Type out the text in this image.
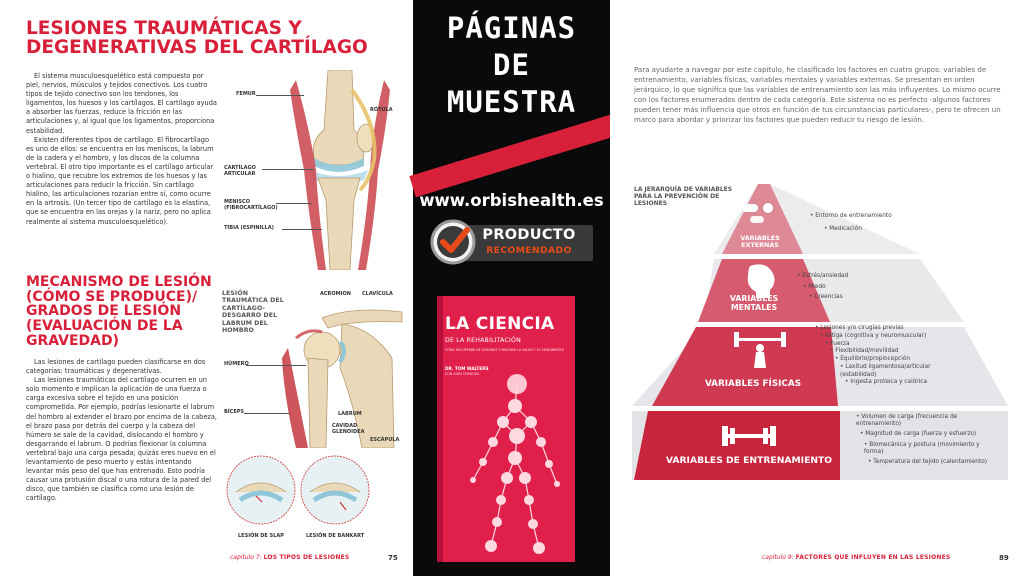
LESIONES TRAUMÁTICAS Y DEGENERATIVAS DEL CARTÍLAGO

El sistema musculoesquelético está compuesto por piel, nervios, músculos y tejidos conectivos. Los cuatro tipos de tejido conectivo son los tendones, los ligamentos, los huesos y los cartílagos. El cartílago ayuda a absorber las fuerzas, reduce la fricción en las articulaciones y, al igual que los ligamentos, proporciona estabilidad.

Existen diferentes tipos de cartílago. El fibrocartílago es uno de ellos: se encuentra en los meniscos, la labrum de la cadera y el hombro, y los discos de la columna vertebral. El otro tipo importante es el cartílago articular o hialino, que recubre los extremos de los huesos y las articulaciones para reducir la fricción. Sin cartílago hialino, las articulaciones rozarían entre sí, como ocurre en la artrosis. (Un tercer tipo de cartílago es la elastina, que se encuentra en las orejas y la nariz, pero no aplica realmente al sistema musculoesquelético).

FEMUR
RÓTULA
CARTÍLAGO ARTICULAR
MENISCO (FIBROCARTÍLAGO)
TIBIA (ESPINILLA)
MECANISMO DE LESIÓN (CÓMO SE PRODUCE)/ GRADOS DE LESIÓN (EVALUACIÓN DE LA GRAVEDAD)

Las lesiones de cartílago pueden clasificarse en dos categorías: traumáticas y degenerativas.

Las lesiones traumáticas del cartílago ocurren en un solo momento e implican la aplicación de una fuerza o carga excesiva sobre el tejido en una posición comprometida. Por ejemplo, podrías lesionarte el labrum del hombro al extender el brazo por encima de la cabeza, el brazo pasa por detrás del cuerpo y la cabeza del húmero se sale de la cavidad, dislocando el hombro y desgarrando el labrum. O podrías flexionar la columna vertebral bajo una carga pesada; quizás eres nuevo en el levantamiento de peso muerto y estás intentando levantar más peso del que has entrenado. Esto podría causar una protusión discal o una rotura de la pared del disco, que también se clasifica como una lesión de cartílago.

LESIÓN TRAUMÁTICA DEL CARTÍLAGO- DESGARRO DEL LABRUM DEL HOMBRO
ACROMION CLAVÍCULA
HÚMERO
BÍCEPS	LABRUM
CAVIDAD GLENOIDEA
ESCÁPULA
LESIÓN DE SLAP	LESIÓN DE BANKART
capítulo 7: LOS TIPOS DE LESIONES	75
PÁGINAS
DE
MUESTRA
www.orbishealth.es
PRODUCTO
RECOMENDADO
LA CIENCIA
DE LA REHABILITACIÓN
CÓMO RECUPERAR DE LESIONES Y MEJORAR LA SALUD Y EL RENDIMIENTO
DR. TOM WALTERS
CON GLEN CORDOZA

Para ayudarte a navegar por este capítulo, he clasificado los factores en cuatro grupos: variables de entrenamiento, variables físicas, variables mentales y variables externas. Se presentan en orden jerárquico, lo que significa que las variables de entrenamiento son las más influyentes. Lo mismo ocurre con los factores enumerados dentro de cada categoría. Este sistema no es perfecto -algunos factores pueden tener más influencia que otros en función de tus circunstancias particulares-, pero te ofrecen un marco para abordar y priorizar los factores que pueden reducir tu riesgo de lesión.

LA JERARQUÍA DE VARIABLES PARA LA PREVENCIÓN DE LESIONES
VARIABLES
EXTERNAS
VARIABLES
MENTALES
VARIABLES FÍSICAS
VARIABLES DE ENTRENAMIENTO
• Entorno de entrenamiento
• Medicación
• Estrés/ansiedad
• Miedo
• Creencias
• Lesiones y/o cirugías previas
• Fatiga (cognitiva y neuromuscular)
• Fuerza
• Flexibilidad/movilidad
• Equilibrio/propiocepción
• Laxitud ligamentosa/articular (estabilidad)
• Ingesta proteica y calórica
• Volumen de carga (frecuencia de entrenamiento)
• Magnitud de carga (fuerza y esfuerzo)
• Biomecánica y postura (movimiento y forma)
• Temperatura del tejido (calentamiento)
capítulo 9: FACTORES QUE INFLUYEN EN LAS LESIONES	89
